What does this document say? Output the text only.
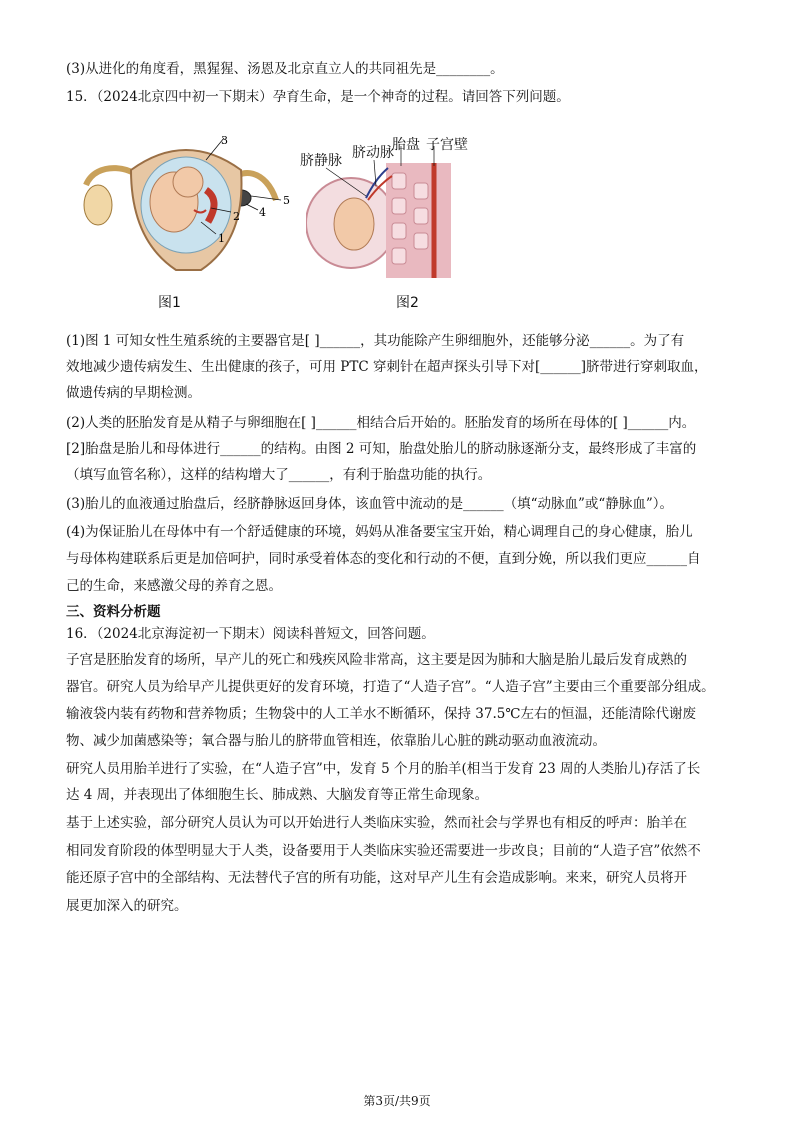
(3)从进化的角度看，黑猩猩、汤恩及北京直立人的共同祖先是________。
15．（2024北京四中初一下期末）孕育生命，是一个神奇的过程。请回答下列问题。
3
5
2 4
1
图1
脐静脉 脐动脉
胎盘 子宫壁
图2
(1)图 1 可知女性生殖系统的主要器官是[ ]______，其功能除产生卵细胞外，还能够分泌______。为了有
效地减少遗传病发生、生出健康的孩子，可用 PTC 穿刺针在超声探头引导下对[______]脐带进行穿刺取血，
做遗传病的早期检测。
(2)人类的胚胎发育是从精子与卵细胞在[ ]______相结合后开始的。胚胎发育的场所在母体的[ ]______内。
[2]胎盘是胎儿和母体进行______的结构。由图 2 可知，胎盘处胎儿的脐动脉逐渐分支，最终形成了丰富的
（填写血管名称），这样的结构增大了______，有利于胎盘功能的执行。
(3)胎儿的血液通过胎盘后，经脐静脉返回身体，该血管中流动的是______（填“动脉血”或“静脉血”）。
(4)为保证胎儿在母体中有一个舒适健康的环境，妈妈从准备要宝宝开始，精心调理自己的身心健康，胎儿
与母体构建联系后更是加倍呵护，同时承受着体态的变化和行动的不便，直到分娩，所以我们更应______自
己的生命，来感激父母的养育之恩。
三、资料分析题
16．（2024北京海淀初一下期末）阅读科普短文，回答问题。
子宫是胚胎发育的场所，早产儿的死亡和残疾风险非常高，这主要是因为肺和大脑是胎儿最后发育成熟的
器官。研究人员为给早产儿提供更好的发育环境，打造了“人造子宫”。“人造子宫”主要由三个重要部分组成。
输液袋内装有药物和营养物质；生物袋中的人工羊水不断循环，保持 37.5℃左右的恒温，还能清除代谢废
物、减少加菌感染等；氧合器与胎儿的脐带血管相连，依靠胎儿心脏的跳动驱动血液流动。
研究人员用胎羊进行了实验，在“人造子宫”中，发育 5 个月的胎羊(相当于发育 23 周的人类胎儿)存活了长
达 4 周，并表现出了体细胞生长、肺成熟、大脑发育等正常生命现象。
基于上述实验，部分研究人员认为可以开始进行人类临床实验，然而社会与学界也有相反的呼声：胎羊在
相同发育阶段的体型明显大于人类，设备要用于人类临床实验还需要进一步改良；目前的“人造子宫”依然不
能还原子宫中的全部结构、无法替代子宫的所有功能，这对早产儿生有会造成影响。来来，研究人员将开
展更加深入的研究。
第3页/共9页
